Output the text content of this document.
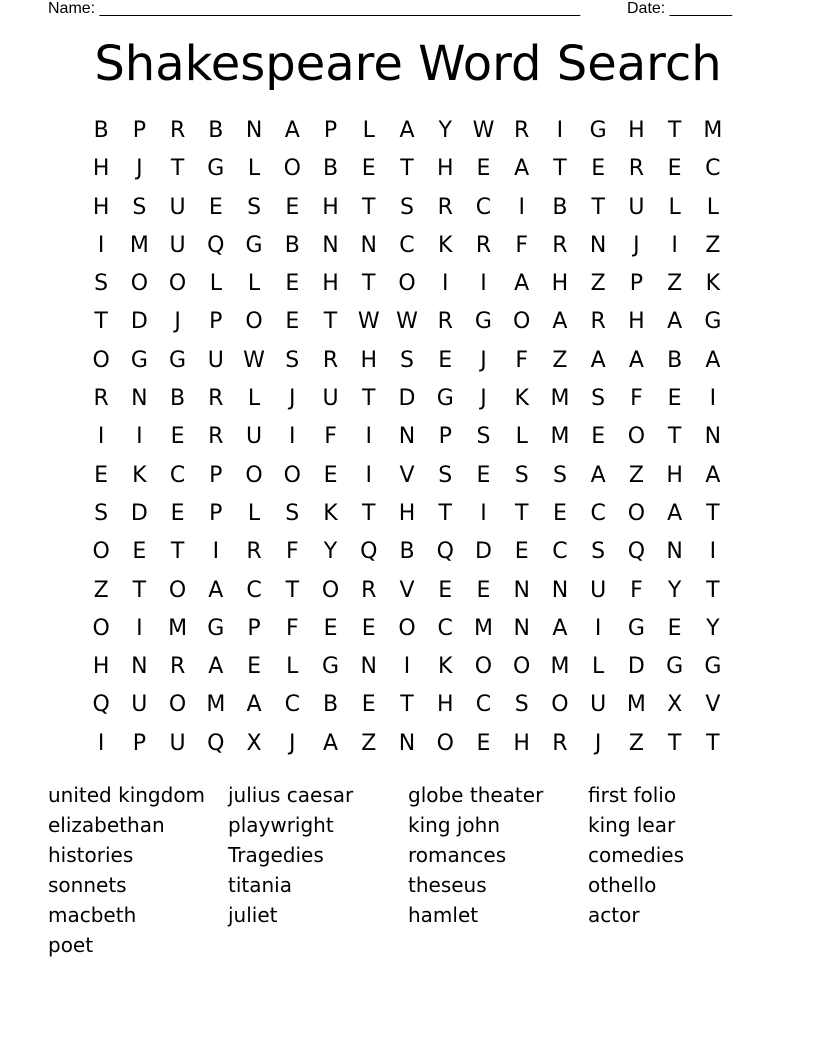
Name: ______________________________________________________	Date: _______
Shakespeare Word Search
B	P	R	B	N	A	P	L	A	Y W R	I	G H	T	M
H	J	T	G	L	O	B	E	T	H	E	A	T	E	R	E	C
H	S	U	E	S	E	H	T	S	R	C	I	B	T	U	L	L
I	M U Q G	B	N N	C	K	R	F	R	N	J	I	Z
S	O O	L	L	E	H	T	O	I	I	A	H	Z	P	Z	K
T	D	J	P	O	E	T W W R	G O	A	R	H	A	G
O G G U W S	R	H	S	E	J	F	Z	A	A	B	A
R	N	B	R	L	J	U	T	D G	J	K M S	F	E	I
I	I	E	R	U	I	F	I	N	P	S	L	M E	O	T	N
E	K	C	P	O O	E	I	V	S	E	S	S	A	Z	H	A
S	D	E	P	L	S	K	T	H	T	I	T	E	C O	A	T
O	E	T	I	R	F	Y	Q	B	Q D	E	C	S	Q N	I
Z	T	O	A	C	T	O R	V	E	E	N N U	F	Y	T
O	I	M G	P	F	E	E	O C M N	A	I	G	E	Y
H N	R	A	E	L	G N	I	K	O O M	L	D G G
Q U O M A	C	B	E	T	H	C	S	O U M X	V
I	P	U Q	X	J	A	Z	N O	E	H	R	J	Z	T	T
united kingdom	julius caesar	globe theater	first folio
elizabethan	playwright	king john	king lear
histories	Tragedies	romances	comedies
sonnets	titania	theseus	othello
macbeth	juliet	hamlet	actor
poet
